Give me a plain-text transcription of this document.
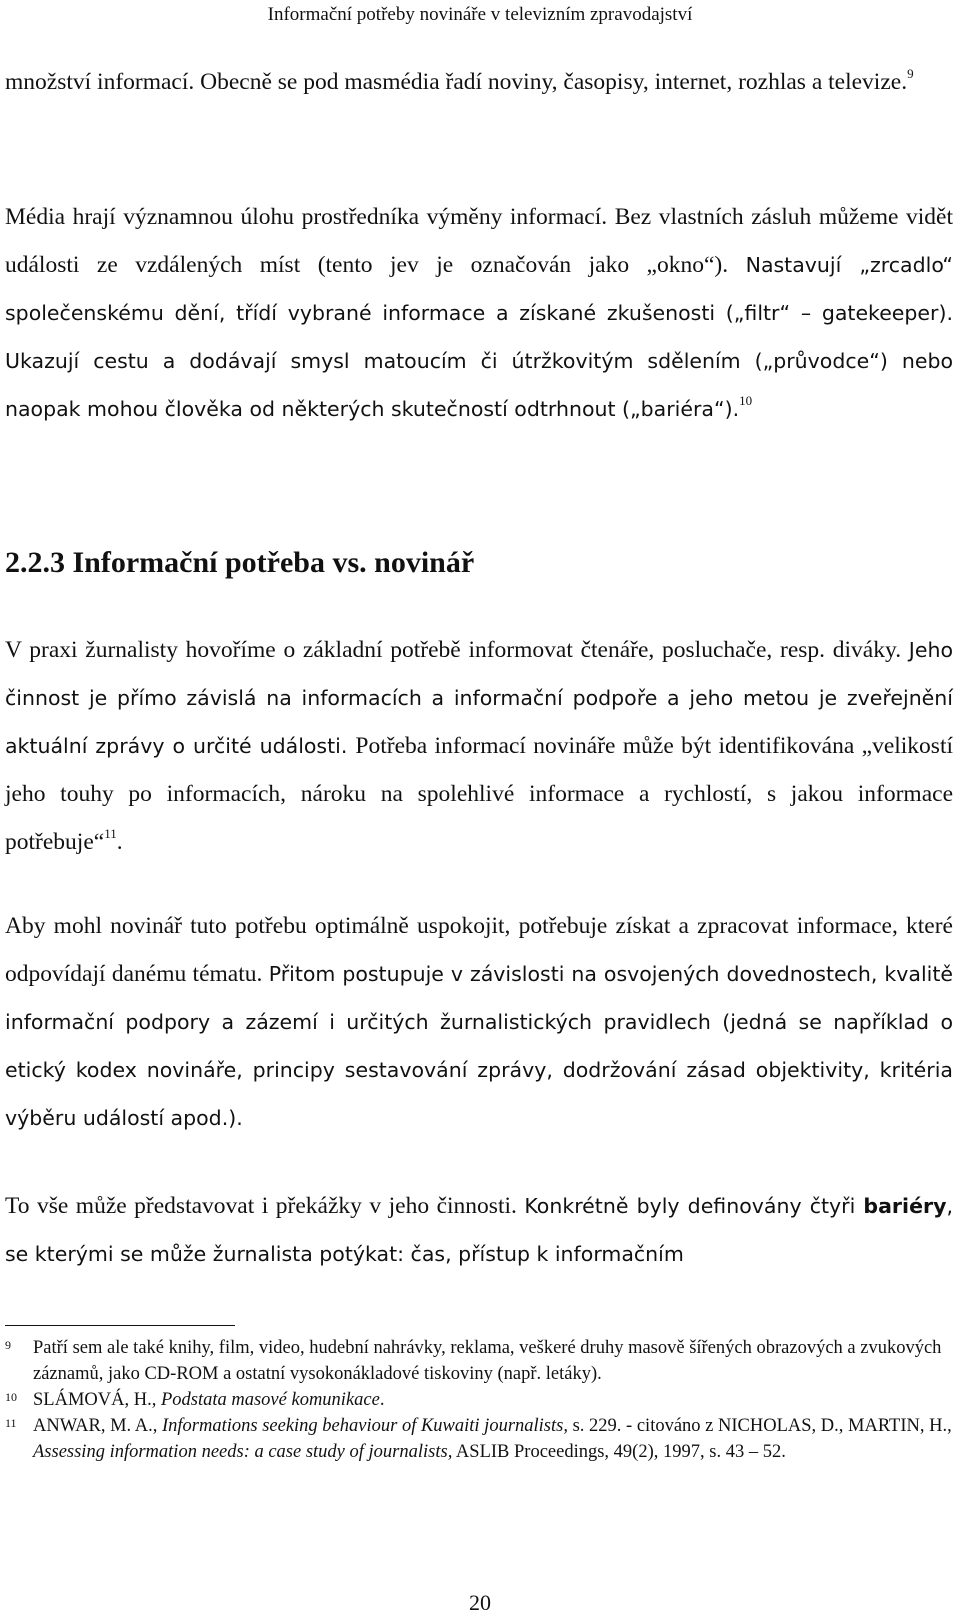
Informační potřeby novináře v televizním zpravodajství

množství informací. Obecně se pod masmédia řadí noviny, časopisy, internet, rozhlas a televize.$^9$

Média hrají významnou úlohu prostředníka výměny informací. Bez vlastních zásluh můžeme vidět události ze vzdálených míst (tento jev je označován jako „okno“). Nastavují „zrcadlo“ společenskému dění, třídí vybrané informace a získané zkušenosti („filtr“ – gatekeeper). Ukazují cestu a dodávají smysl matoucím či útržkovitým sdělením („průvodce“) nebo naopak mohou člověka od některých skutečností odtrhnout („bariéra“).$^{10}$

2.2.3 Informační potřeba vs. novinář

V praxi žurnalisty hovoříme o základní potřebě informovat čtenáře, posluchače, resp. diváky. Jeho činnost je přímo závislá na informacích a informační podpoře a jeho metou je zveřejnění aktuální zprávy o určité události. Potřeba informací novináře může být identifikována „velikostí jeho touhy po informacích, nároku na spolehlivé informace a rychlostí, s jakou informace potřebuje“$^{11}$.

Aby mohl novinář tuto potřebu optimálně uspokojit, potřebuje získat a zpracovat informace, které odpovídají danému tématu. Přitom postupuje v závislosti na osvojených dovednostech, kvalitě informační podpory a zázemí i určitých žurnalistických pravidlech (jedná se například o etický kodex novináře, principy sestavování zprávy, dodržování zásad objektivity, kritéria výběru událostí apod.).

To vše může představovat i překážky v jeho činnosti. Konkrétně byly definovány čtyři bariéry, se kterými se může žurnalista potýkat: čas, přístup k informačním

9	Patří sem ale také knihy, film, video, hudební nahrávky, reklama, veškeré druhy masově šířených obrazových a zvukových záznamů, jako CD-ROM a ostatní vysokonákladové tiskoviny (např. letáky).
10 SLÁMOVÁ, H., Podstata masové komunikace.
11 ANWAR, M. A., Informations seeking behaviour of Kuwaiti journalists, s. 229. - citováno z NICHOLAS, D., MARTIN, H., Assessing information needs: a case study of journalists, ASLIB Proceedings, 49(2), 1997, s. 43 – 52.
20
